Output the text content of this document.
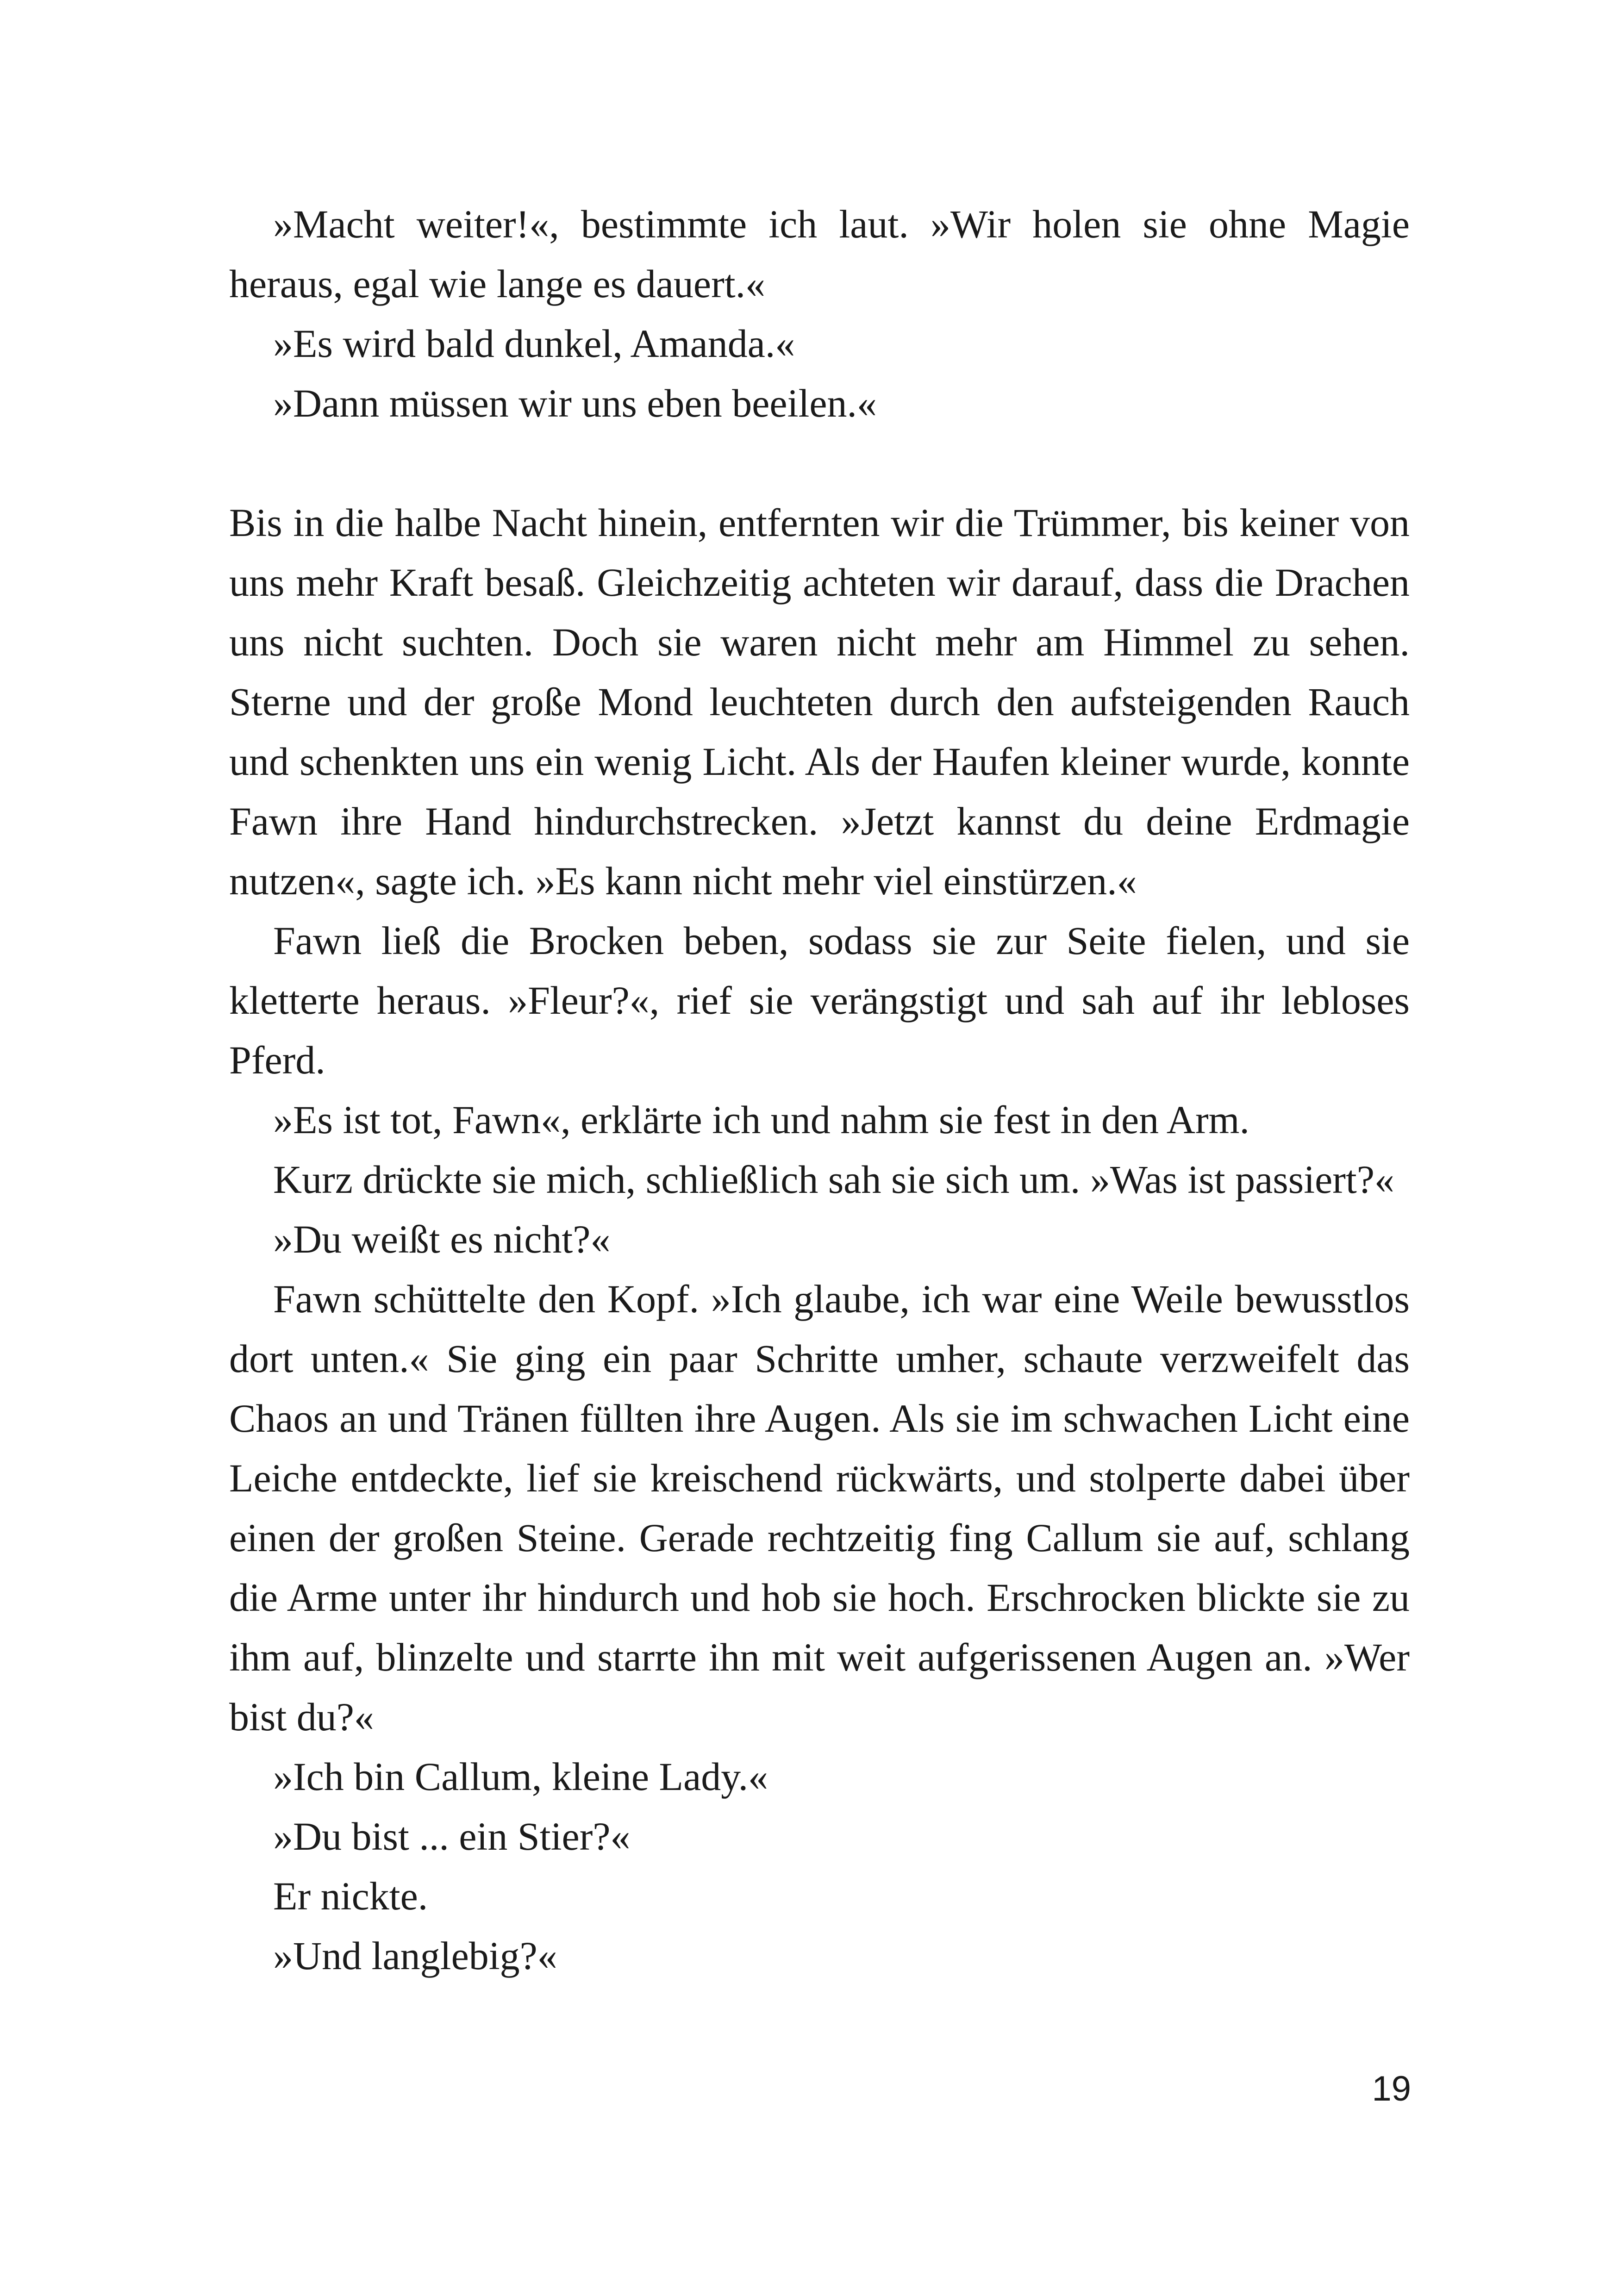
»Macht weiter!«, bestimmte ich laut. »Wir holen sie ohne Magie heraus, egal wie lange es dauert.«

»Es wird bald dunkel, Amanda.«

»Dann müssen wir uns eben beeilen.«

Bis in die halbe Nacht hinein, entfernten wir die Trümmer, bis keiner von uns mehr Kraft besaß. Gleichzeitig achteten wir darauf, dass die Drachen uns nicht suchten. Doch sie waren nicht mehr am Himmel zu sehen. Sterne und der große Mond leuchteten durch den aufsteigenden Rauch und schenkten uns ein wenig Licht. Als der Haufen kleiner wurde, konnte Fawn ihre Hand hindurchstrecken. »Jetzt kannst du deine Erdmagie nutzen«, sagte ich. »Es kann nicht mehr viel einstürzen.«

Fawn ließ die Brocken beben, sodass sie zur Seite fielen, und sie kletterte heraus. »Fleur?«, rief sie verängstigt und sah auf ihr lebloses Pferd.

»Es ist tot, Fawn«, erklärte ich und nahm sie fest in den Arm.

Kurz drückte sie mich, schließlich sah sie sich um. »Was ist passiert?«

»Du weißt es nicht?«

Fawn schüttelte den Kopf. »Ich glaube, ich war eine Weile bewusstlos dort unten.« Sie ging ein paar Schritte umher, schaute verzweifelt das Chaos an und Tränen füllten ihre Augen. Als sie im schwachen Licht eine Leiche entdeckte, lief sie kreischend rückwärts, und stolperte dabei über einen der großen Steine. Gerade rechtzeitig fing Callum sie auf, schlang die Arme unter ihr hindurch und hob sie hoch. Erschrocken blickte sie zu ihm auf, blinzelte und starrte ihn mit weit aufgerissenen Augen an. »Wer bist du?«

»Ich bin Callum, kleine Lady.«

»Du bist ... ein Stier?«

Er nickte.

»Und langlebig?«

19
